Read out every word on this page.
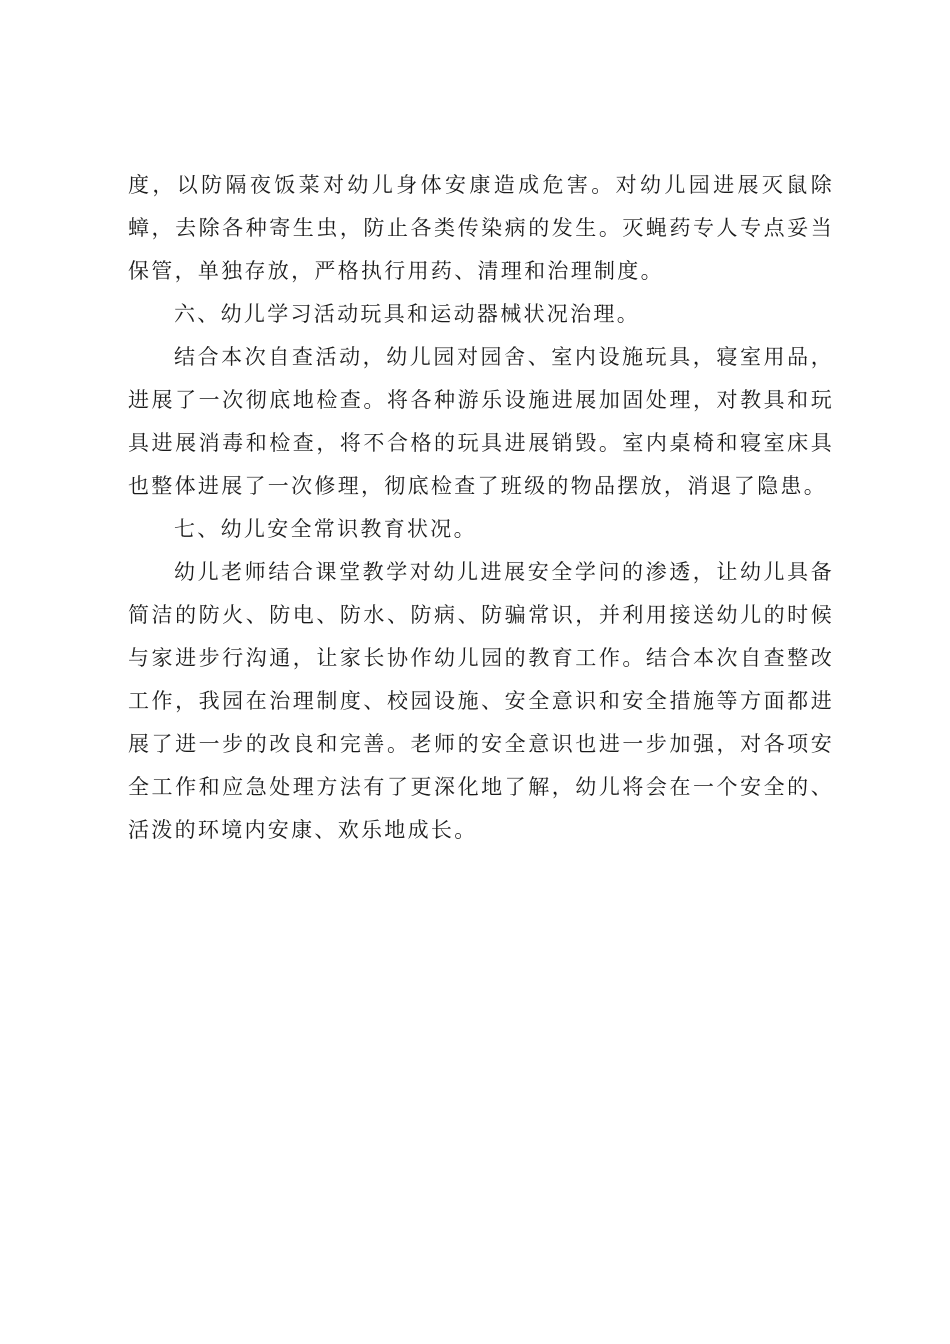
度，以防隔夜饭菜对幼儿身体安康造成危害。对幼儿园进展灭鼠除蟑，去除各种寄生虫，防止各类传染病的发生。灭蝇药专人专点妥当保管，单独存放，严格执行用药、清理和治理制度。

六、幼儿学习活动玩具和运动器械状况治理。

结合本次自查活动，幼儿园对园舍、室内设施玩具，寝室用品，进展了一次彻底地检查。将各种游乐设施进展加固处理，对教具和玩具进展消毒和检查，将不合格的玩具进展销毁。室内桌椅和寝室床具也整体进展了一次修理，彻底检查了班级的物品摆放，消退了隐患。

七、幼儿安全常识教育状况。

幼儿老师结合课堂教学对幼儿进展安全学问的渗透，让幼儿具备简洁的防火、防电、防水、防病、防骗常识，并利用接送幼儿的时候与家进步行沟通，让家长协作幼儿园的教育工作。结合本次自查整改工作，我园在治理制度、校园设施、安全意识和安全措施等方面都进展了进一步的改良和完善。老师的安全意识也进一步加强，对各项安全工作和应急处理方法有了更深化地了解，幼儿将会在一个安全的、活泼的环境内安康、欢乐地成长。
